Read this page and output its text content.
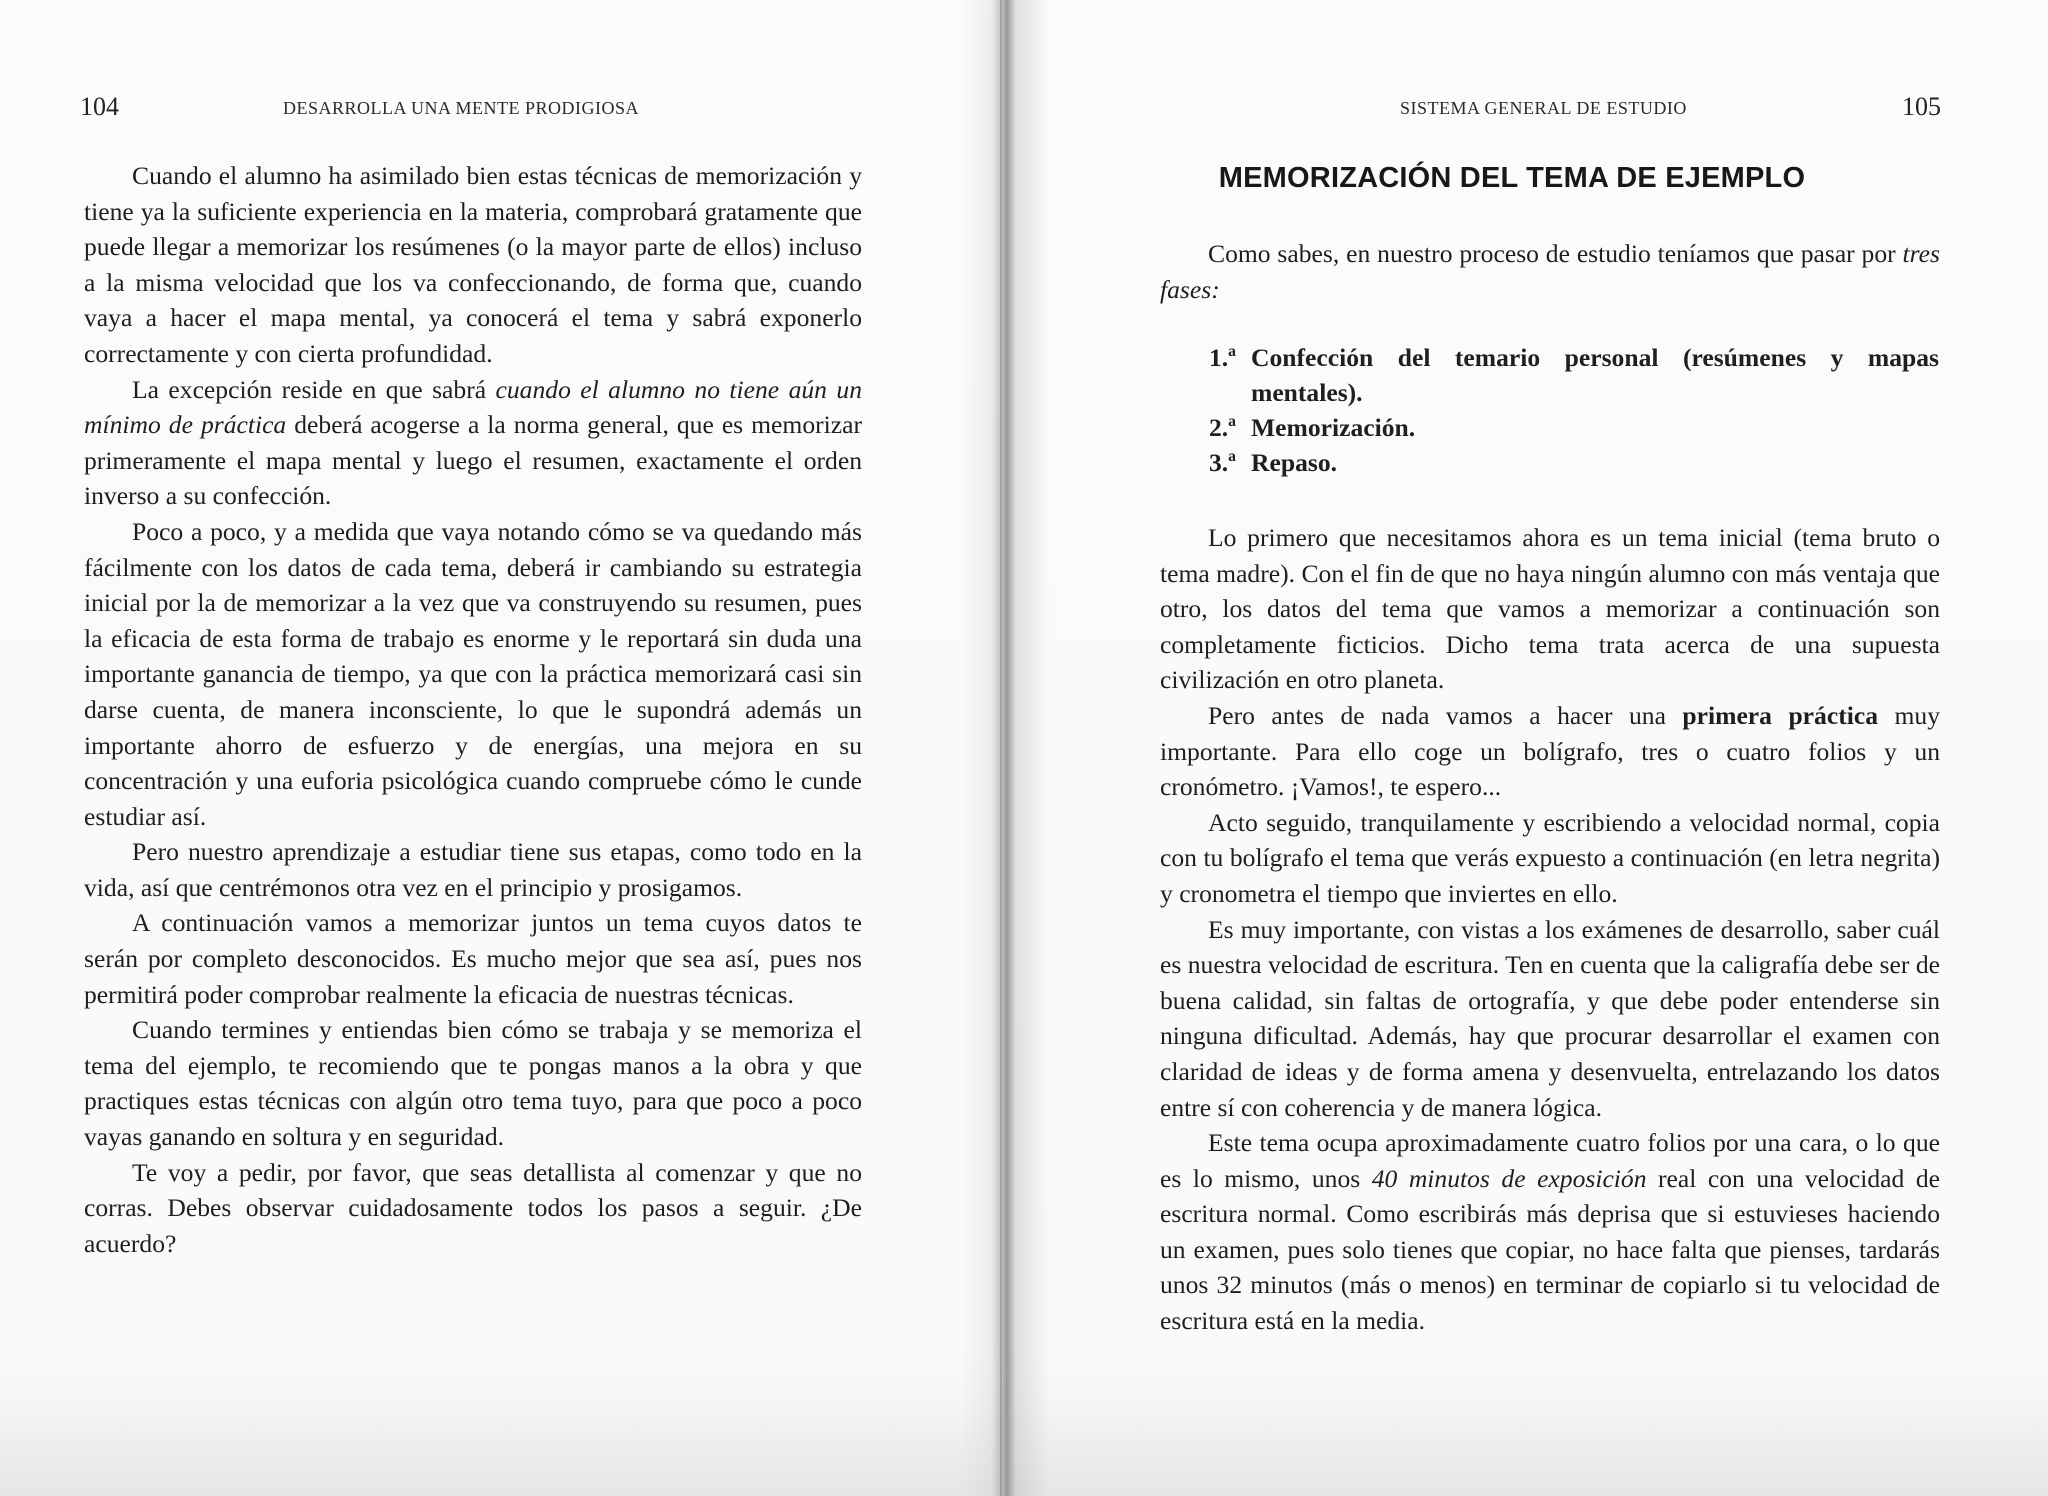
104	DESARROLLA UNA MENTE PRODIGIOSA

Cuando el alumno ha asimilado bien estas técnicas de memorización y tiene ya la suficiente experiencia en la materia, comprobará gratamente que puede llegar a memorizar los resúmenes (o la mayor parte de ellos) incluso a la misma velocidad que los va confeccionando, de forma que, cuando vaya a hacer el mapa mental, ya conocerá el tema y sabrá exponerlo correctamente y con cierta profundidad.

La excepción reside en que sabrá cuando el alumno no tiene aún un mínimo de práctica deberá acogerse a la norma general, que es memorizar primeramente el mapa mental y luego el resumen, exactamente el orden inverso a su confección.

Poco a poco, y a medida que vaya notando cómo se va quedando más fácilmente con los datos de cada tema, deberá ir cambiando su estrategia inicial por la de memorizar a la vez que va construyendo su resumen, pues la eficacia de esta forma de trabajo es enorme y le reportará sin duda una importante ganancia de tiempo, ya que con la práctica memorizará casi sin darse cuenta, de manera inconsciente, lo que le supondrá además un importante ahorro de esfuerzo y de energías, una mejora en su concentración y una euforia psicológica cuando compruebe cómo le cunde estudiar así.

Pero nuestro aprendizaje a estudiar tiene sus etapas, como todo en la vida, así que centrémonos otra vez en el principio y prosigamos.

A continuación vamos a memorizar juntos un tema cuyos datos te serán por completo desconocidos. Es mucho mejor que sea así, pues nos permitirá poder comprobar realmente la eficacia de nuestras técnicas.

Cuando termines y entiendas bien cómo se trabaja y se memoriza el tema del ejemplo, te recomiendo que te pongas manos a la obra y que practiques estas técnicas con algún otro tema tuyo, para que poco a poco vayas ganando en soltura y en seguridad.

Te voy a pedir, por favor, que seas detallista al comenzar y que no corras. Debes observar cuidadosamente todos los pasos a seguir. ¿De acuerdo?

SISTEMA GENERAL DE ESTUDIO	105
MEMORIZACIÓN DEL TEMA DE EJEMPLO

Como sabes, en nuestro proceso de estudio teníamos que pasar por tres fases:

1.ª Confección del temario personal (resúmenes y mapas mentales).
2.ª Memorización.
3.ª Repaso.

Lo primero que necesitamos ahora es un tema inicial (tema bruto o tema madre). Con el fin de que no haya ningún alumno con más ventaja que otro, los datos del tema que vamos a memorizar a continuación son completamente ficticios. Dicho tema trata acerca de una supuesta civilización en otro planeta.

Pero antes de nada vamos a hacer una primera práctica muy importante. Para ello coge un bolígrafo, tres o cuatro folios y un cronómetro. ¡Vamos!, te espero...

Acto seguido, tranquilamente y escribiendo a velocidad normal, copia con tu bolígrafo el tema que verás expuesto a continuación (en letra negrita) y cronometra el tiempo que inviertes en ello.

Es muy importante, con vistas a los exámenes de desarrollo, saber cuál es nuestra velocidad de escritura. Ten en cuenta que la caligrafía debe ser de buena calidad, sin faltas de ortografía, y que debe poder entenderse sin ninguna dificultad. Además, hay que procurar desarrollar el examen con claridad de ideas y de forma amena y desenvuelta, entrelazando los datos entre sí con coherencia y de manera lógica.

Este tema ocupa aproximadamente cuatro folios por una cara, o lo que es lo mismo, unos 40 minutos de exposición real con una velocidad de escritura normal. Como escribirás más deprisa que si estuvieses haciendo un examen, pues solo tienes que copiar, no hace falta que pienses, tardarás unos 32 minutos (más o menos) en terminar de copiarlo si tu velocidad de escritura está en la media.
